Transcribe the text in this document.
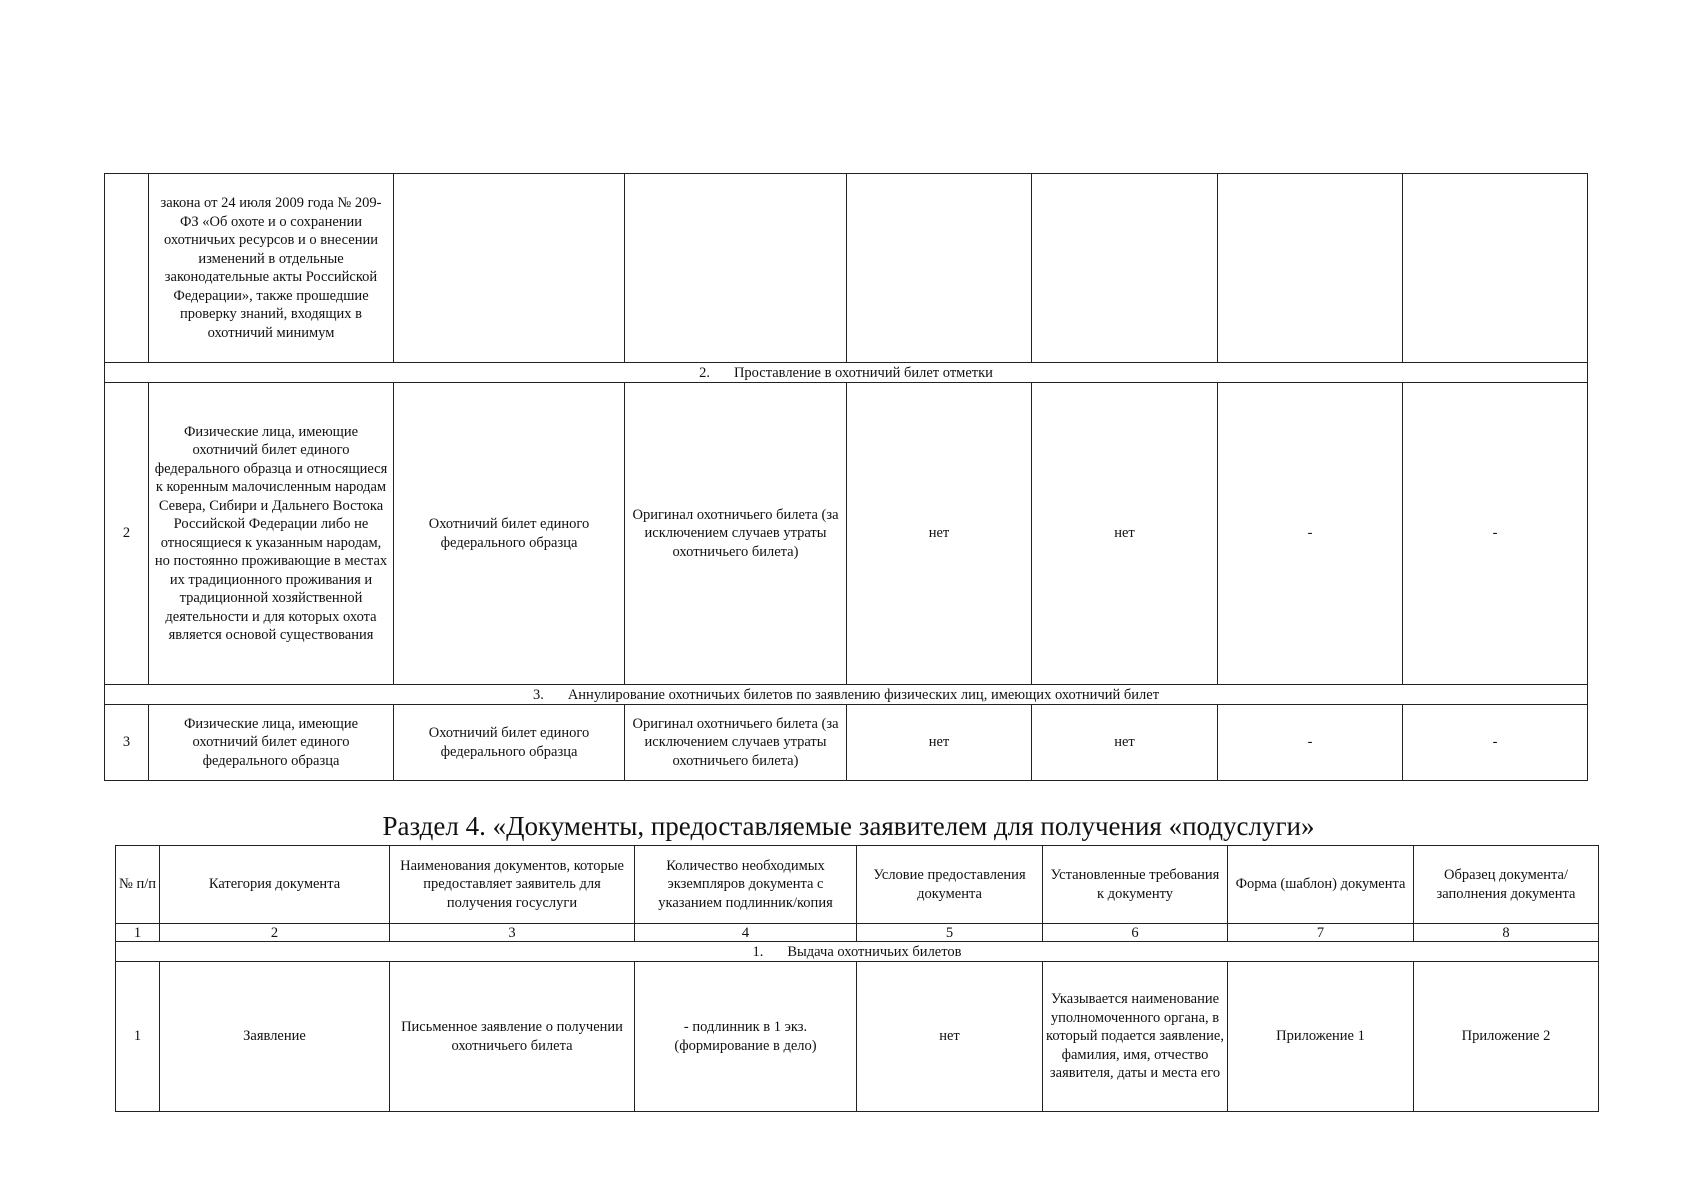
	закона от 24 июля 2009 года № 209-ФЗ «Об охоте и о сохранении охотничьих ресурсов и о внесении изменений в отдельные законодательные акты Российской Федерации», также прошедшие проверку знаний, входящих в охотничий минимум						
2. Проставление в охотничий билет отметки							
2	Физические лица, имеющие охотничий билет единого федерального образца и относящиеся к коренным малочисленным народам Севера, Сибири и Дальнего Востока Российской Федерации либо не относящиеся к указанным народам, но постоянно проживающие в местах их традиционного проживания и традиционной хозяйственной деятельности и для которых охота является основой существования	Охотничий билет единого федерального образца	Оригинал охотничьего билета (за исключением случаев утраты охотничьего билета)	нет	нет	-	-
3. Аннулирование охотничьих билетов по заявлению физических лиц, имеющих охотничий билет							
3	Физические лица, имеющие охотничий билет единого федерального образца	Охотничий билет единого федерального образца	Оригинал охотничьего билета (за исключением случаев утраты охотничьего билета)	нет	нет	-	-
Раздел 4. «Документы, предоставляемые заявителем для получения «подуслуги»
№ п/п	Категория документа	Наименования документов, которые предоставляет заявитель для получения госуслуги	Количество необходимых экземпляров документа с указанием подлинник/копия	Условие предоставления документа	Установленные требования к документу	Форма (шаблон) документа	Образец документа/заполнения документа
1	2	3	4	5	6	7	8
1. Выдача охотничьих билетов							
1	Заявление	Письменное заявление о получении охотничьего билета	- подлинник в 1 экз. (формирование в дело)	нет	Указывается наименование уполномоченного органа, в который подается заявление, фамилия, имя, отчество заявителя, даты и места его	Приложение 1	Приложение 2
